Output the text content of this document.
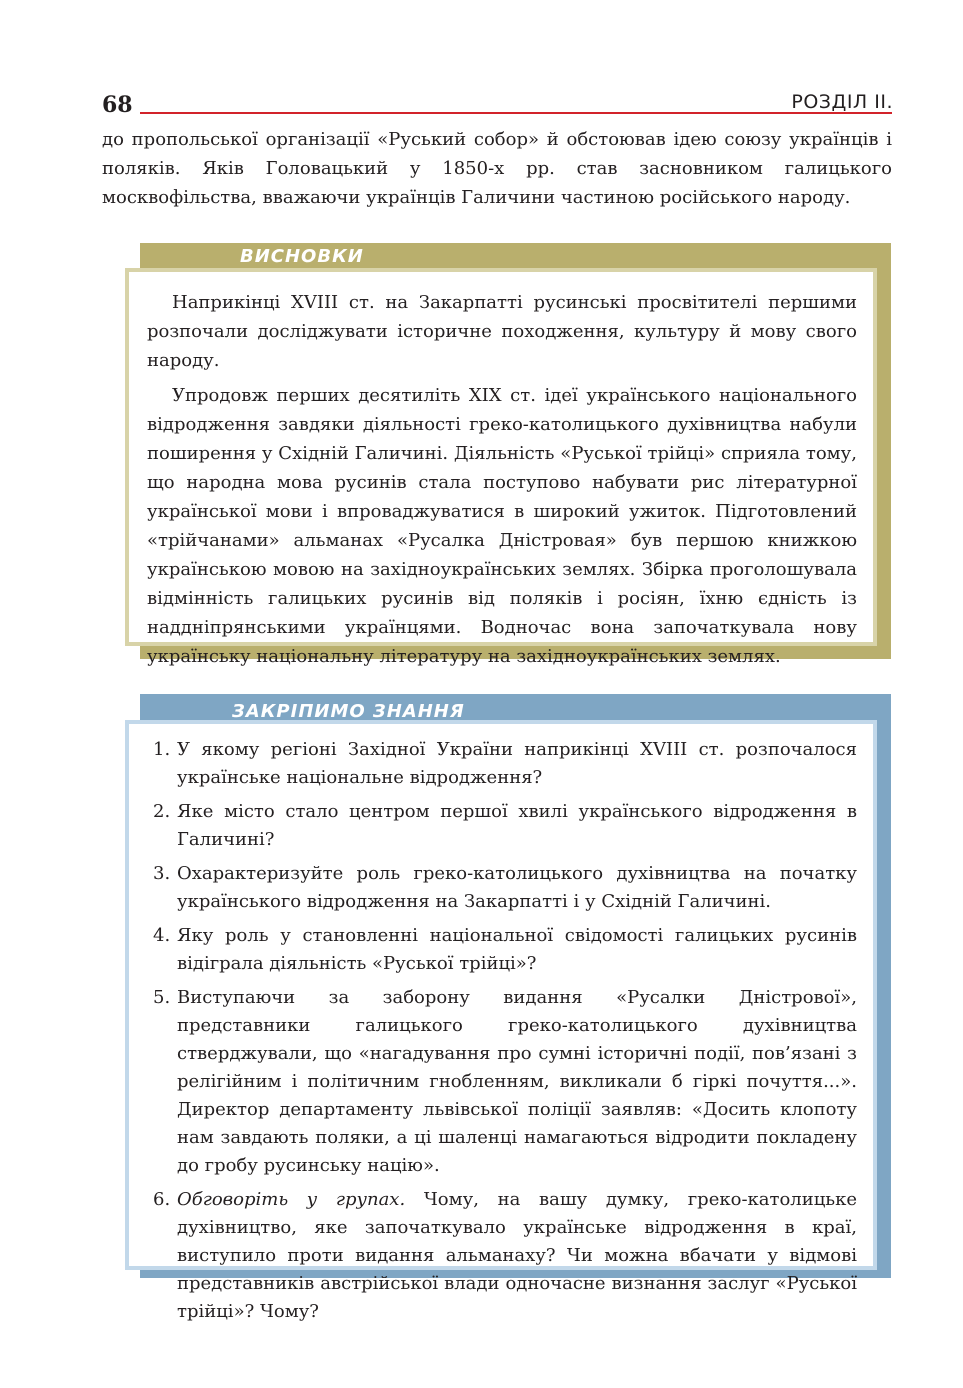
68	РОЗДІЛ ІІ.

до пропольської організації «Руський собор» й обстоював ідею союзу українців і поляків. Яків Головацький у 1850-х рр. став засновником галицького москвофільства, вважаючи українців Галичини частиною російського народу.

Наприкінці XVIII ст. на Закарпатті русинські просвітителі першими розпочали досліджувати історичне походження, культуру й мову свого народу.

Упродовж перших десятиліть XIX ст. ідеї українського національного відродження завдяки діяльності греко-католицького духівництва набули поширення у Східній Галичині. Діяльність «Руської трійці» сприяла тому, що народна мова русинів стала поступово набувати рис літературної української мови і впроваджуватися в широкий ужиток. Підготовлений «трійчанами» альманах «Русалка Дністровая» був першою книжкою українською мовою на західноукраїнських землях. Збірка проголошувала відмінність галицьких русинів від поляків і росіян, їхню єдність із наддніпрянськими українцями. Водночас вона започаткувала нову українську національну літературу на західноукраїнських землях.

ВИСНОВКИ
1. У якому регіоні Західної України наприкінці XVIII ст. розпочалося українське національне відродження?
2. Яке місто стало центром першої хвилі українського відродження в Галичині?
3. Охарактеризуйте роль греко-католицького духівництва на початку українського відродження на Закарпатті і у Східній Галичині.
4. Яку роль у становленні національної свідомості галицьких русинів відіграла діяльність «Руської трійці»?
5. Виступаючи за заборону видання «Русалки Дністрової», представники галицького греко-католицького духівництва стверджували, що «нагадування про сумні історичні події, пов’язані з релігійним і політичним гнобленням, викликали б гіркі почуття...». Директор департаменту львівської поліції заявляв: «Досить клопоту нам завдають поляки, а ці шаленці намагаються відродити покладену до гробу русинську націю».
6. Обговоріть у групах. Чому, на вашу думку, греко-католицьке духівництво, яке започаткувало українське відродження в краї, виступило проти видання альманаху? Чи можна вбачати у відмові представників австрійської влади одночасне визнання заслуг «Руської трійці»? Чому?
ЗАКРІПИМО ЗНАННЯ
